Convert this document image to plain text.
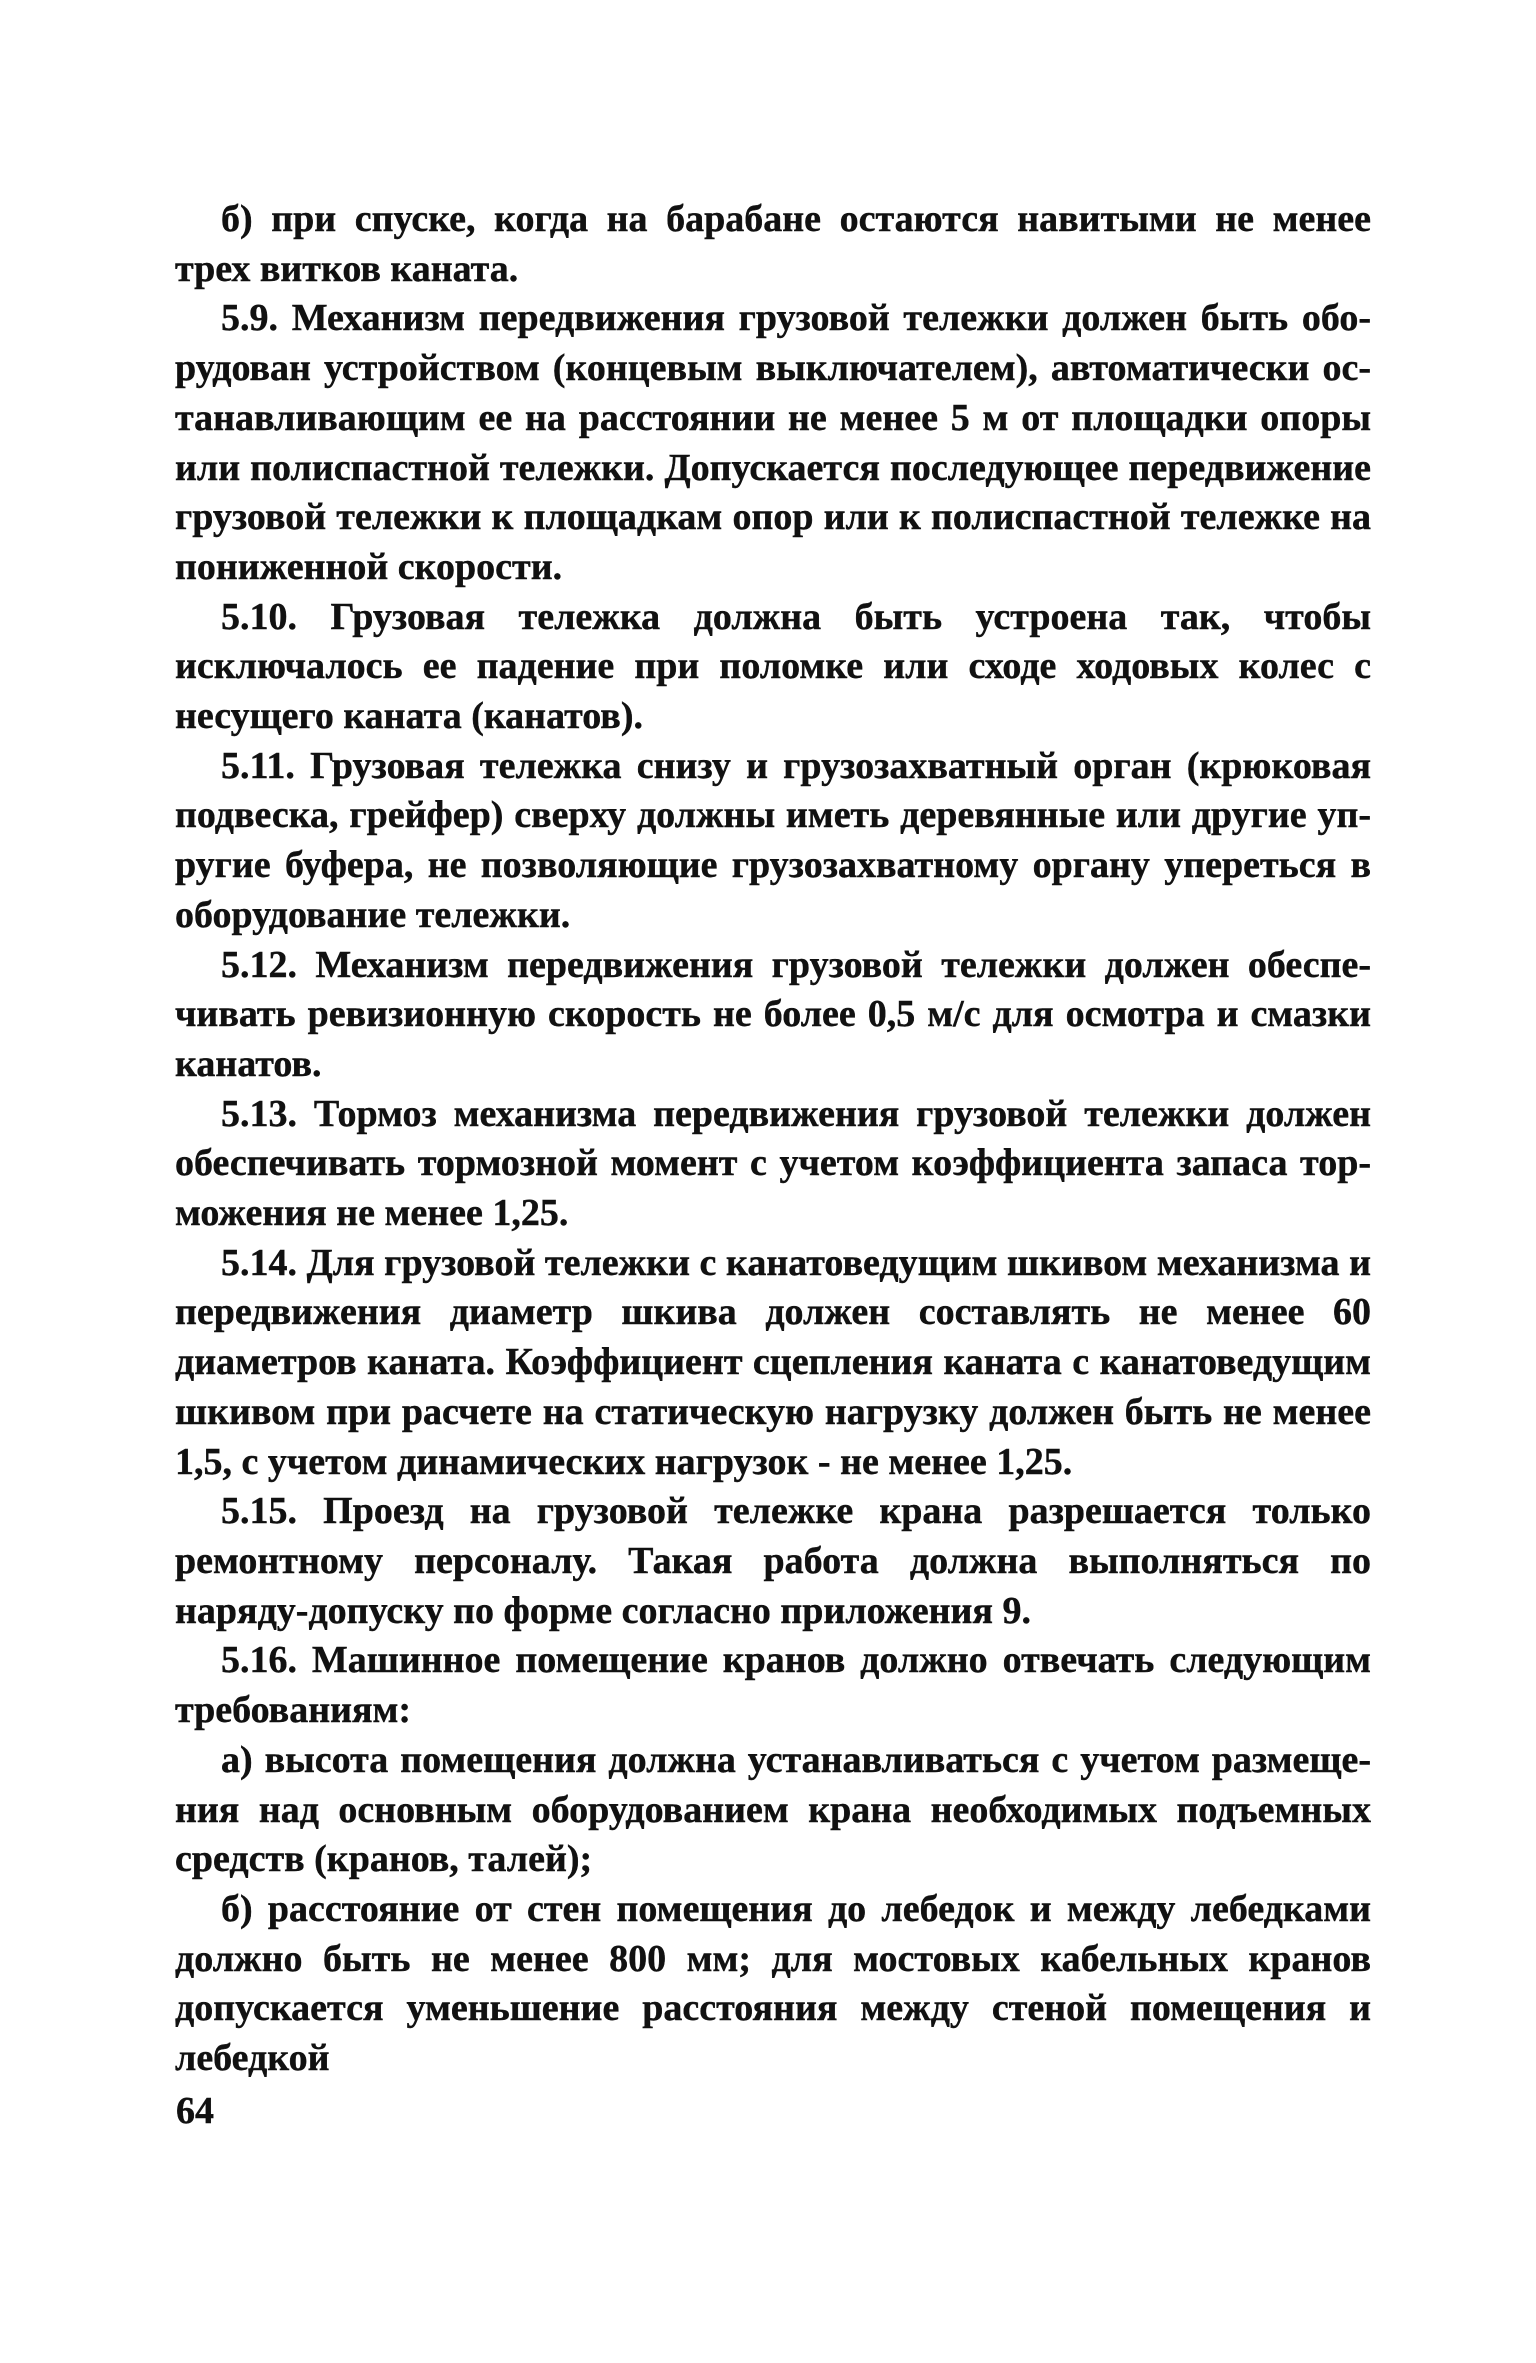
б) при спуске, когда на барабане остаются навитыми не менее трех витков каната.

5.9. Механизм передвижения грузовой тележки должен быть оборудован устройством (концевым выключателем), автоматически останавливающим ее на расстоянии не менее 5 м от площадки опоры или полиспастной тележки. Допускается последующее передвижение грузовой тележки к площадкам опор или к полиспастной тележке на пониженной скорости.

5.10. Грузовая тележка должна быть устроена так, чтобы исключалось ее падение при поломке или сходе ходовых колес с несущего каната (канатов).

5.11. Грузовая тележка снизу и грузозахватный орган (крюковая подвеска, грейфер) сверху должны иметь деревянные или другие упругие буфера, не позволяющие грузозахватному органу упереться в оборудование тележки.

5.12. Механизм передвижения грузовой тележки должен обеспечивать ревизионную скорость не более 0,5 м/с для осмотра и смазки канатов.

5.13. Тормоз механизма передвижения грузовой тележки должен обеспечивать тормозной момент с учетом коэффициента запаса торможения не менее 1,25.

5.14. Для грузовой тележки с канатоведущим шкивом механизма и передвижения диаметр шкива должен составлять не менее 60 диаметров каната. Коэффициент сцепления каната с канатоведущим шкивом при расчете на статическую нагрузку должен быть не менее 1,5, с учетом динамических нагрузок - не менее 1,25.

5.15. Проезд на грузовой тележке крана разрешается только ремонтному персоналу. Такая работа должна выполняться по наряду-допуску по форме согласно приложения 9.

5.16. Машинное помещение кранов должно отвечать следующим требованиям:

а) высота помещения должна устанавливаться с учетом размещения над основным оборудованием крана необходимых подъемных средств (кранов, талей);

б) расстояние от стен помещения до лебедок и между лебедками должно быть не менее 800 мм; для мостовых кабельных кранов допускается уменьшение расстояния между стеной помещения и лебедкой

64
